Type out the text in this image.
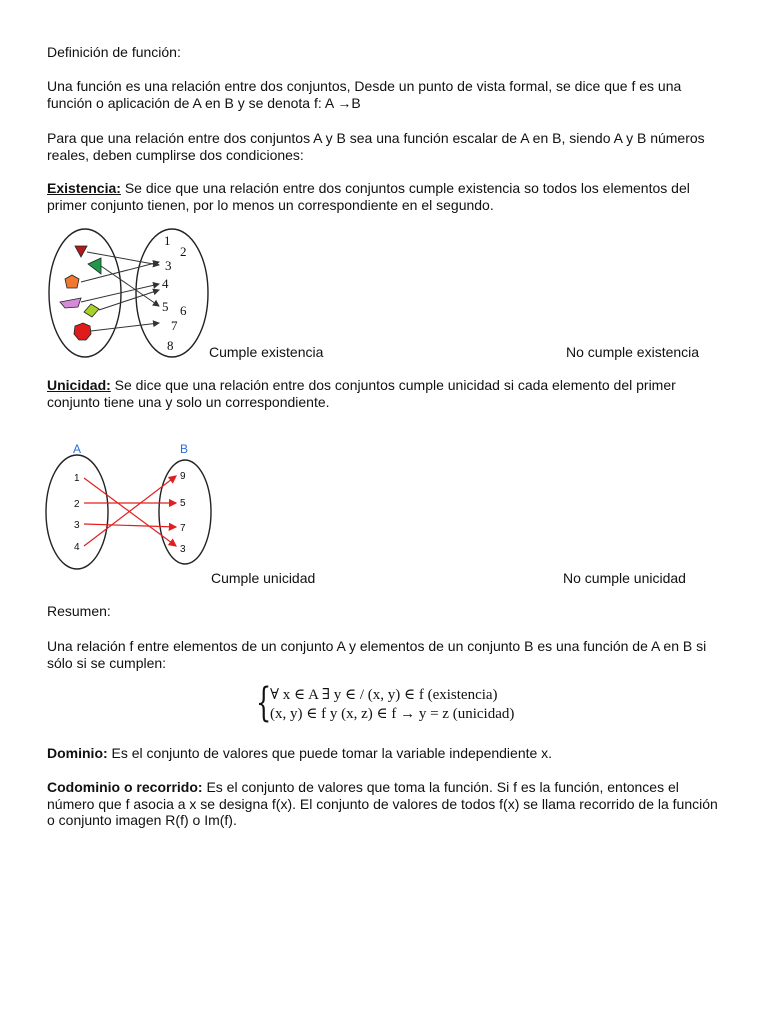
Definición de función:

Una función es una relación entre dos conjuntos, Desde un punto de vista formal, se dice que f es una función o aplicación de A en B y se denota f: A →B

Para que una relación entre dos conjuntos A y B sea una función escalar de A en B, siendo A y B números reales, deben cumplirse dos condiciones:

Existencia: Se dice que una relación entre dos conjuntos cumple existencia so todos los elementos del primer conjunto tienen, por lo menos un correspondiente en el segundo.

1
2
3
4
5 6
7
8	Cumple existencia	No cumple existencia

Unicidad: Se dice que una relación entre dos conjuntos cumple unicidad si cada elemento del primer conjunto tiene una y solo un correspondiente.

A	B
1
2
3
4
9
5
7
3
Cumple unicidad	No cumple unicidad

Resumen:

Una relación f entre elementos de un conjunto A y elementos de un conjunto B es una función de A en B si sólo si se cumplen:

{
∀ x ∈ A ∃ y ∈ / (x, y) ∈ f (existencia)
(x, y) ∈ f y (x, z) ∈ f → y = z (unicidad)

Dominio: Es el conjunto de valores que puede tomar la variable independiente x.

Codominio o recorrido: Es el conjunto de valores que toma la función. Si f es la función, entonces el número que f asocia a x se designa f(x). El conjunto de valores de todos f(x) se llama recorrido de la función o conjunto imagen R(f) o Im(f).
